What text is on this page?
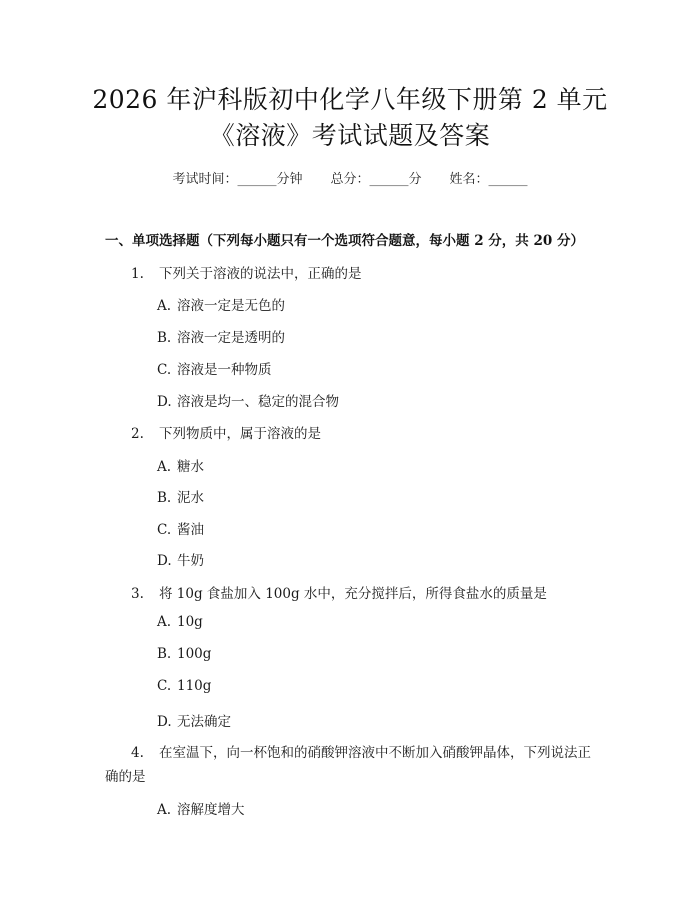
2026 年沪科版初中化学八年级下册第 2 单元
《溶液》考试试题及答案
考试时间：______分钟 总分：______分 姓名：______
一、单项选择题（下列每小题只有一个选项符合题意，每小题 2 分，共 20 分）
1. 下列关于溶液的说法中，正确的是
A. 溶液一定是无色的
B. 溶液一定是透明的
C. 溶液是一种物质
D. 溶液是均一、稳定的混合物
2. 下列物质中，属于溶液的是
A. 糖水
B. 泥水
C. 酱油
D. 牛奶
3. 将 10g 食盐加入 100g 水中，充分搅拌后，所得食盐水的质量是
A. 10g
B. 100g
C. 110g
D. 无法确定
4. 在室温下，向一杯饱和的硝酸钾溶液中不断加入硝酸钾晶体，下列说法正
确的是
A. 溶解度增大
